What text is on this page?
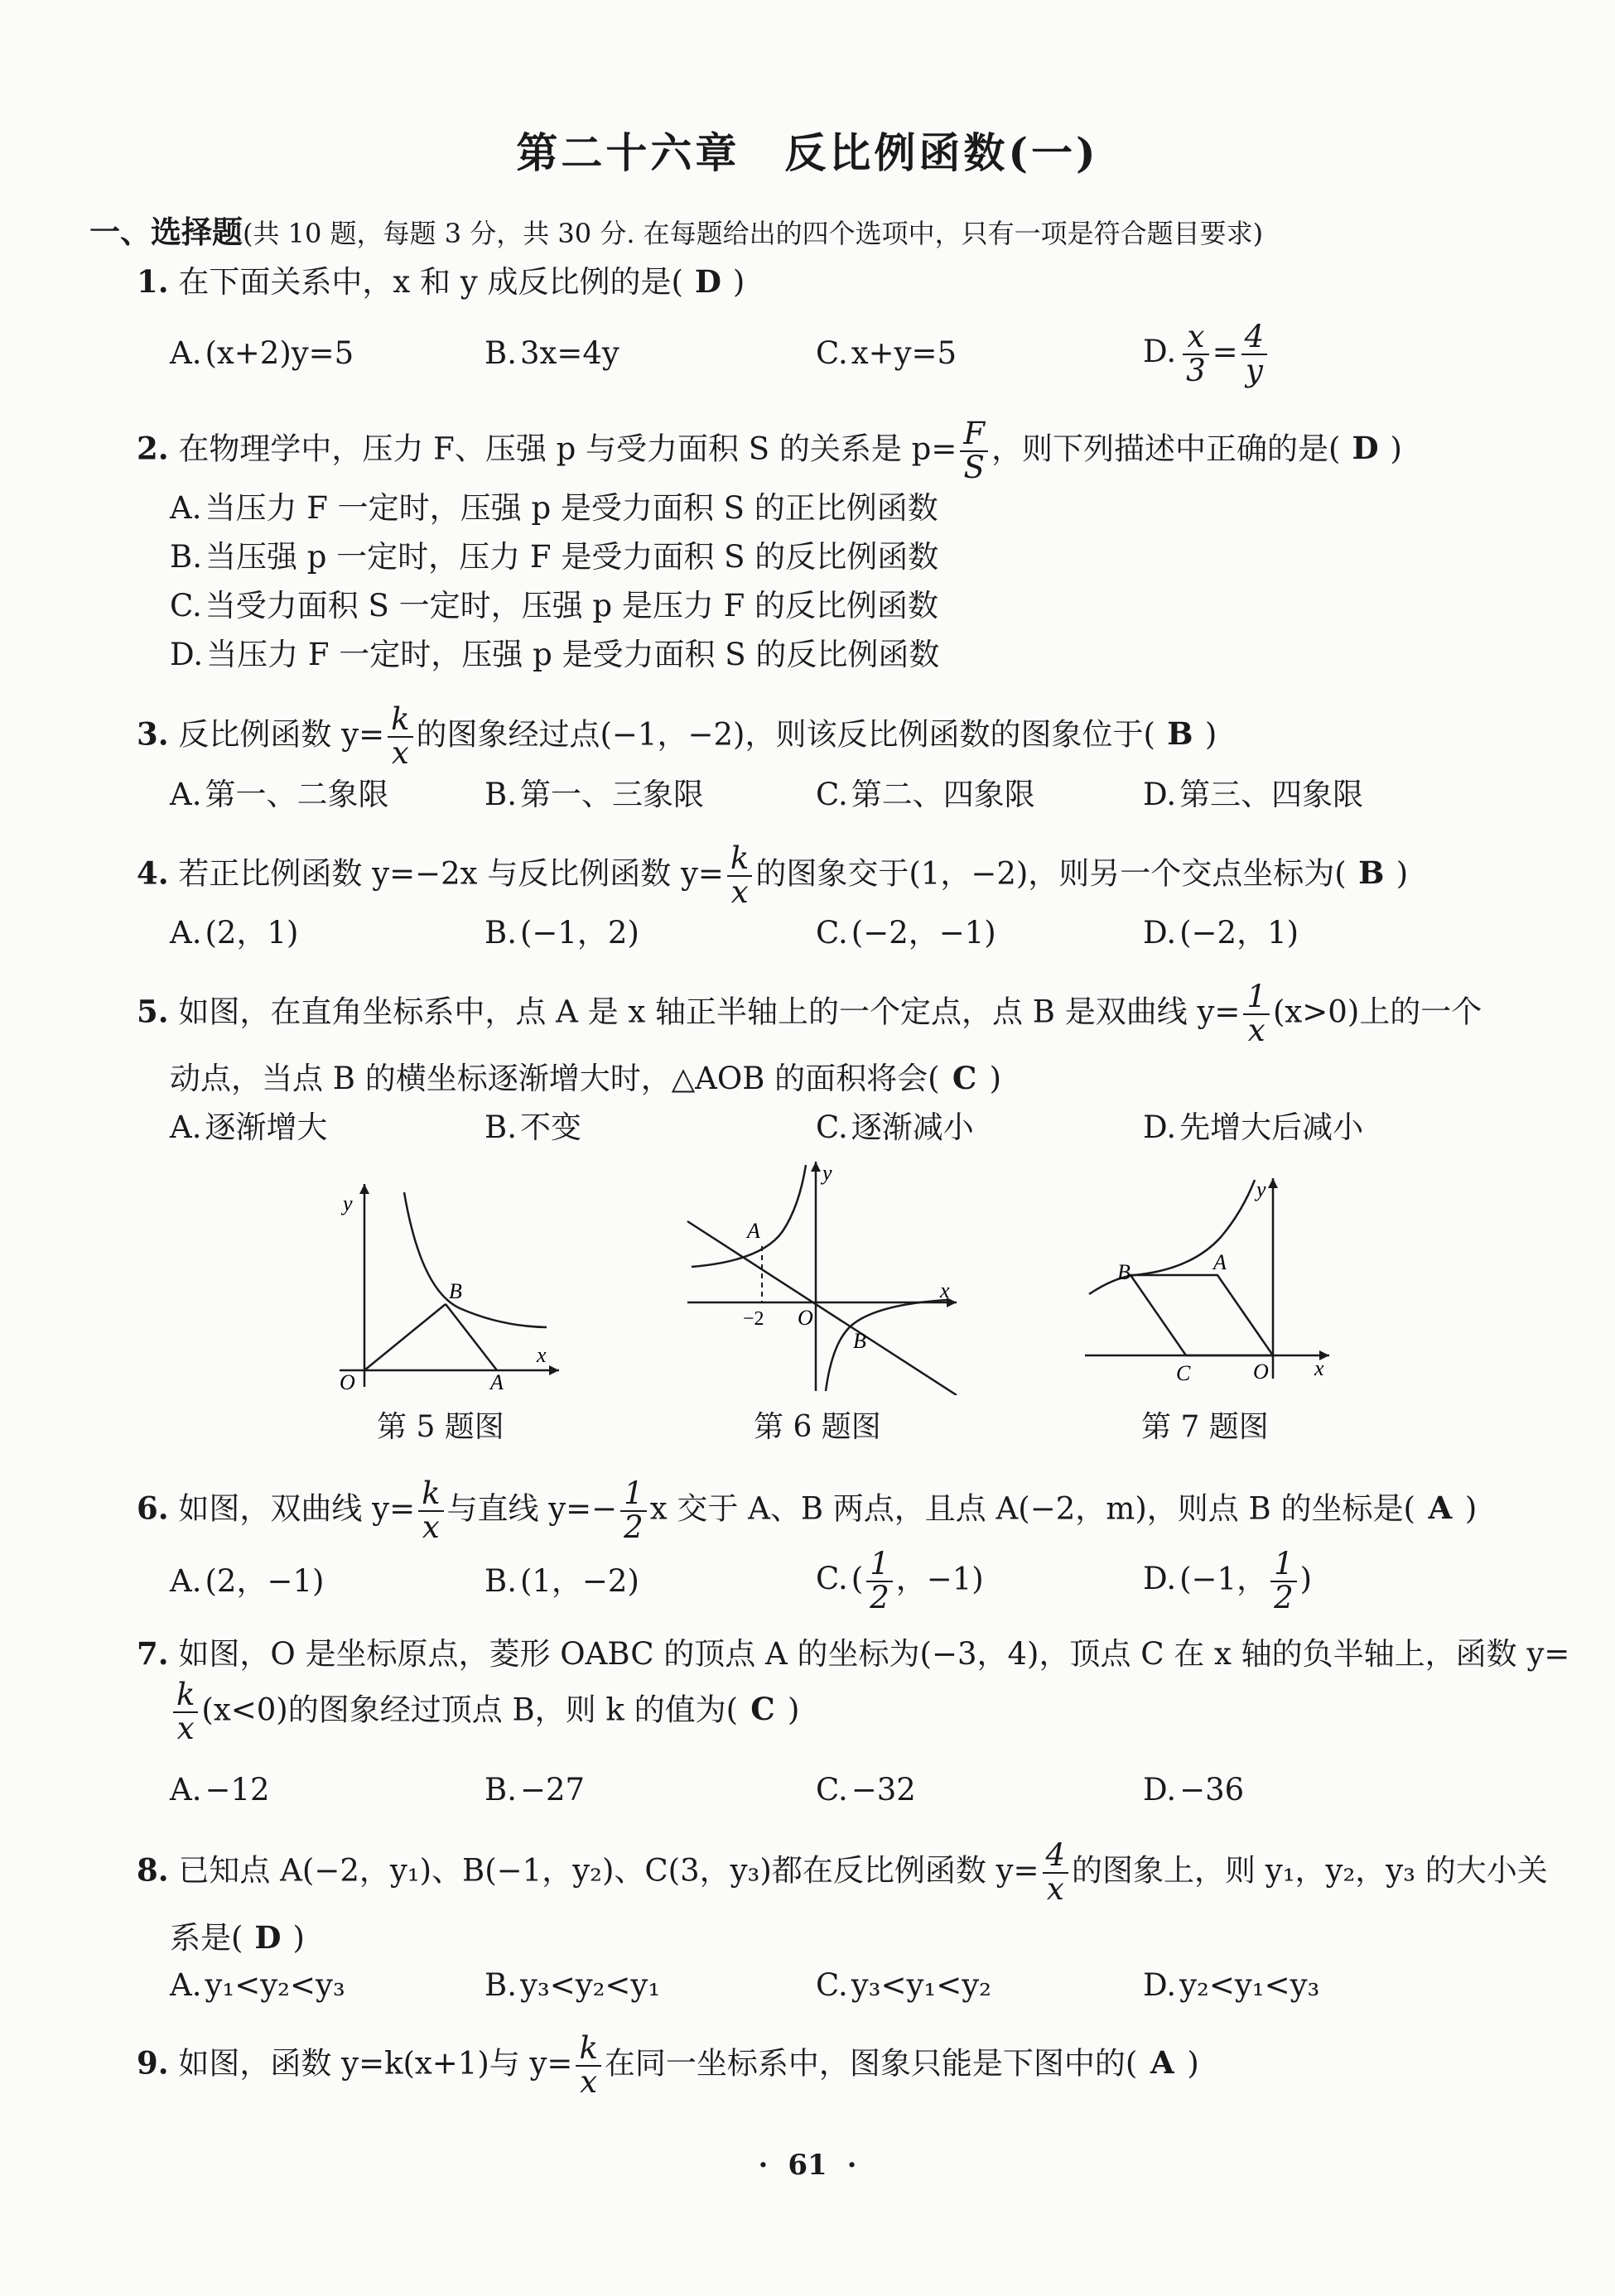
第二十六章　反比例函数(一)
一、选择题(共 10 题，每题 3 分，共 30 分. 在每题给出的四个选项中，只有一项是符合题目要求)
1. 在下面关系中，x 和 y 成反比例的是( D )
A. (x+2)y=5	B. 3x=4y	C. x+y=5	D. $\frac{x}{3} = \frac{4}{y}$
2. 在物理学中，压力 F、压强 p 与受力面积 S 的关系是 $p= \frac{F}{S}$ ，则下列描述中正确的是( D )
A. 当压力 F 一定时，压强 p 是受力面积 S 的正比例函数
B. 当压强 p 一定时，压力 F 是受力面积 S 的反比例函数
C. 当受力面积 S 一定时，压强 p 是压力 F 的反比例函数
D. 当压力 F 一定时，压强 p 是受力面积 S 的反比例函数
3. 反比例函数 $y= \frac{k}{x}$ 的图象经过点(−1，−2)，则该反比例函数的图象位于( B )
A. 第一、二象限	B. 第一、三象限	C. 第二、四象限	D. 第三、四象限
4. 若正比例函数 y=−2x 与反比例函数 $y= \frac{k}{x}$ 的图象交于(1，−2)，则另一个交点坐标为( B )
A. (2，1)	B. (−1，2)	C. (−2，−1)	D. (−2，1)
5. 如图，在直角坐标系中，点 A 是 x 轴正半轴上的一个定点，点 B 是双曲线 $y= \frac{1}{x} (x>0)$上的一个
动点，当点 B 的横坐标逐渐增大时，△AOB 的面积将会( C )
A. 逐渐增大	B. 不变	C. 逐渐减小	D. 先增大后减小
y
x
O	A
B
第 5 题图
y
x
O
A
B
−2
第 6 题图
y
x
O
A
B
C
第 7 题图
6. 如图，双曲线 $y= \frac{k}{x}$ 与直线 $y=- \frac{1}{2}$ x 交于 A、B 两点，且点 A(−2，m)，则点 B 的坐标是( A )
A. (2，−1)	B. (1，−2)	C. ( $\frac{1}{2}$ ，−1)	D. (−1， $\frac{1}{2}$ )
7. 如图，O 是坐标原点，菱形 OABC 的顶点 A 的坐标为(−3，4)，顶点 C 在 x 轴的负半轴上，函数 y=
$\frac{k}{x} (x<0)$的图象经过顶点 B，则 k 的值为( C )
A. −12	B. −27	C. −32	D. −36
8. 已知点 A(−2，y₁)、B(−1，y₂)、C(3，y₃)都在反比例函数 $y= \frac{4}{x}$ 的图象上，则 y₁，y₂，y₃ 的大小关
系是( D )
A. y₁<y₂<y₃	B. y₃<y₂<y₁	C. y₃<y₁<y₂	D. y₂<y₁<y₃
9. 如图，函数 y=k(x+1)与 $y= \frac{k}{x}$ 在同一坐标系中，图象只能是下图中的( A )
· 61 ·
